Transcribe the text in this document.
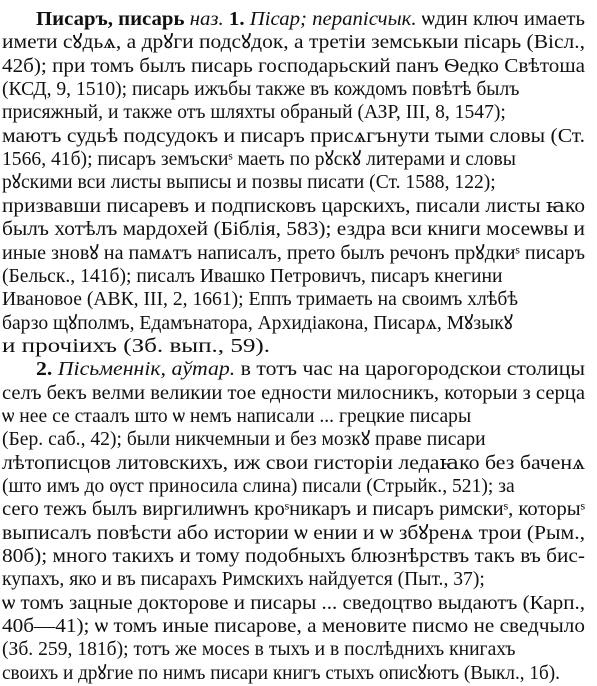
Писаръ, писарь наз. 1. Пісар; перапісчык. ѡдин ключ имаеть
имети сꙋдьѧ, а дрꙋги подсꙋдок, а третіи земськыи пісарь (Вісл.,
42б); при томъ былъ писарь господарьский панъ Ѳедко Свѣтоша
(КСД, 9, 1510); писарь ижъбы также въ кождомъ повѣтѣ былъ
присяжный, и также отъ шляхты обраный (АЗР, III, 8, 1547);
маютъ судьѣ подсудокъ и писаръ присѧгънути тыми словы (Ст.
1566, 41б); писаръ земъскиˢ маеть по рꙋскꙋ литерами и словы
рꙋскими вси листы выписы и позвы писати (Ст. 1588, 122);
призвавши писаревъ и подписковъ царскихъ, писали листы ꙗко
былъ хотѣлъ мардохей (Біблія, 583); ездра вси книги мосеѡвы и
иные зновꙋ на памѧтъ написалъ, прето былъ речонъ прꙋдкиˢ писаръ
(Бельск., 141б); писалъ Ивашко Петровичъ, писаръ кнегини
Ивановое (АВК, III, 2, 1661); Еппъ тримаеть на своимъ хлѣбѣ
барзо щꙋполмъ, Едамънатора, Архидіакона, Писарѧ, Мꙋзыкꙋ
и прочіихъ (Зб. вып., 59).
2. Пісьменнік, аўтар. в тотъ час на царогородскои столицы
селъ бекъ велми великии тое едности милосникъ, которыи з серца
ѡ нее се стаалъ што ѡ немъ написали ... грецкие писары
(Бер. саб., 42); были никчемныи и без мозкꙋ праве писари
лѣтописцов литовскихъ, иж свои гисторіи ледаꙗко без баченѧ
(што имъ до ѹст приносила слина) писали (Стрыйк., 521); за
сего тежъ былъ виргилиѡнъ кроˢникаръ и писаръ римскиˢ, которыˢ
выписалъ повѣсти або истории ѡ ении и ѡ збꙋренѧ трои (Рым.,
80б); много такихъ и тому подобныхъ блюзнѣрствъ такъ въ бис-
купахъ, яко и въ писарахъ Римскихъ найдуется (Пыт., 37);
ѡ томъ зацные докторове и писары ... сведоцтво выдаютъ (Карп.,
40б—41); ѡ томъ иные писарове, а меновите писмо не сведчыло
(Зб. 259, 181б); тотъ же мосеѕ в тыхъ и в послѣднихъ книгахъ
своихъ и дрꙋгие по нимъ писари книгъ стыхъ описꙋютъ (Выкл., 1б).
